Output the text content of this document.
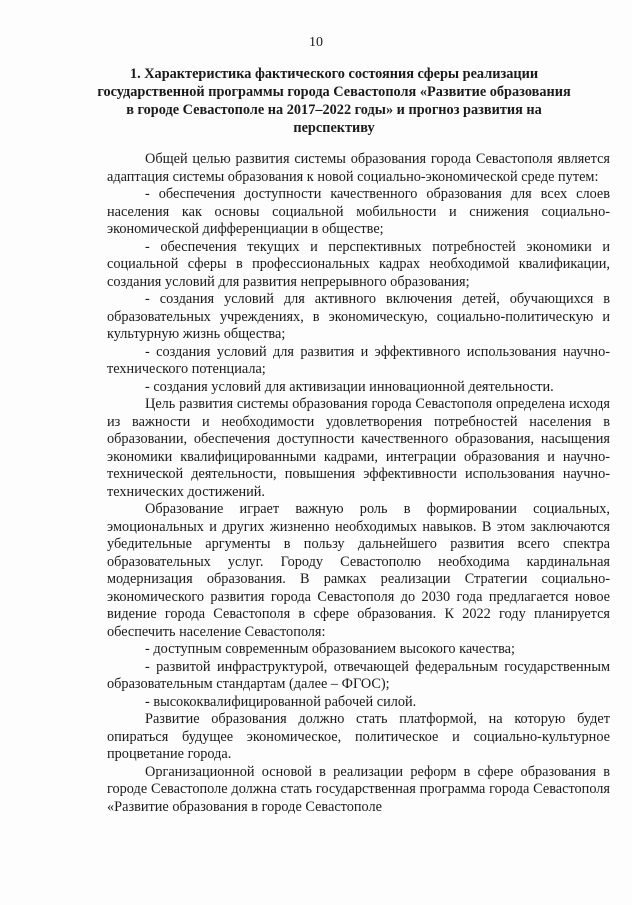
10
1. Характеристика фактического состояния сферы реализации
государственной программы города Севастополя «Развитие образования
в городе Севастополе на 2017–2022 годы» и прогноз развития на
перспективу

Общей целью развития системы образования города Севастополя является адаптация системы образования к новой социально-экономической среде путем:

- обеспечения доступности качественного образования для всех слоев населения как основы социальной мобильности и снижения социально-экономической дифференциации в обществе;

- обеспечения текущих и перспективных потребностей экономики и социальной сферы в профессиональных кадрах необходимой квалификации, создания условий для развития непрерывного образования;

- создания условий для активного включения детей, обучающихся в образовательных учреждениях, в экономическую, социально-политическую и культурную жизнь общества;

- создания условий для развития и эффективного использования научно-технического потенциала;

- создания условий для активизации инновационной деятельности.

Цель развития системы образования города Севастополя определена исходя из важности и необходимости удовлетворения потребностей населения в образовании, обеспечения доступности качественного образования, насыщения экономики квалифицированными кадрами, интеграции образования и научно-технической деятельности, повышения эффективности использования научно-технических достижений.

Образование играет важную роль в формировании социальных, эмоциональных и других жизненно необходимых навыков. В этом заключаются убедительные аргументы в пользу дальнейшего развития всего спектра образовательных услуг. Городу Севастополю необходима кардинальная модернизация образования. В рамках реализации Стратегии социально-экономического развития города Севастополя до 2030 года предлагается новое видение города Севастополя в сфере образования. К 2022 году планируется обеспечить население Севастополя:

- доступным современным образованием высокого качества;

- развитой инфраструктурой, отвечающей федеральным государственным образовательным стандартам (далее – ФГОС);

- высококвалифицированной рабочей силой.

Развитие образования должно стать платформой, на которую будет опираться будущее экономическое, политическое и социально-культурное процветание города.

Организационной основой в реализации реформ в сфере образования в городе Севастополе должна стать государственная программа города Севастополя «Развитие образования в городе Севастополе
